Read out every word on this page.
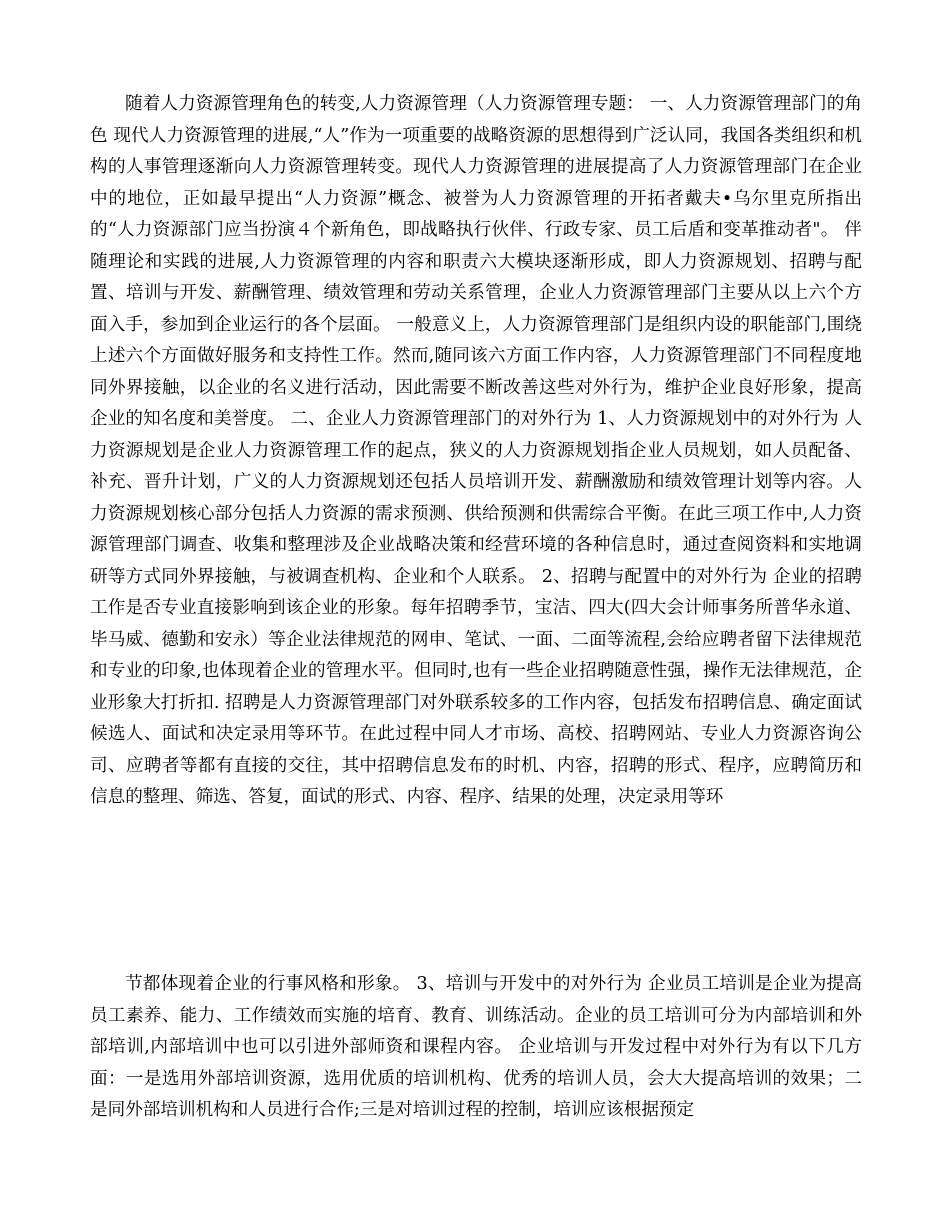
随着人力资源管理角色的转变,人力资源管理（人力资源管理专题： 一、人力资源管理部门的角色 现代人力资源管理的进展,“人”作为一项重要的战略资源的思想得到广泛认同，我国各类组织和机构的人事管理逐渐向人力资源管理转变。现代人力资源管理的进展提高了人力资源管理部门在企业中的地位，正如最早提出“人力资源”概念、被誉为人力资源管理的开拓者戴夫•乌尔里克所指出的“人力资源部门应当扮演４个新角色，即战略执行伙伴、行政专家、员工后盾和变革推动者"。 伴随理论和实践的进展,人力资源管理的内容和职责六大模块逐渐形成，即人力资源规划、招聘与配置、培训与开发、薪酬管理、绩效管理和劳动关系管理，企业人力资源管理部门主要从以上六个方面入手，参加到企业运行的各个层面。 一般意义上，人力资源管理部门是组织内设的职能部门,围绕上述六个方面做好服务和支持性工作。然而,随同该六方面工作内容，人力资源管理部门不同程度地同外界接触，以企业的名义进行活动，因此需要不断改善这些对外行为，维护企业良好形象，提高企业的知名度和美誉度。 二、企业人力资源管理部门的对外行为 1、人力资源规划中的对外行为 人力资源规划是企业人力资源管理工作的起点，狭义的人力资源规划指企业人员规划，如人员配备、补充、晋升计划，广义的人力资源规划还包括人员培训开发、薪酬激励和绩效管理计划等内容。人力资源规划核心部分包括人力资源的需求预测、供给预测和供需综合平衡。在此三项工作中,人力资源管理部门调查、收集和整理涉及企业战略决策和经营环境的各种信息时，通过查阅资料和实地调研等方式同外界接触，与被调查机构、企业和个人联系。 2、招聘与配置中的对外行为 企业的招聘工作是否专业直接影响到该企业的形象。每年招聘季节，宝洁、四大(四大会计师事务所普华永道、毕马威、德勤和安永）等企业法律规范的网申、笔试、一面、二面等流程,会给应聘者留下法律规范和专业的印象,也体现着企业的管理水平。但同时,也有一些企业招聘随意性强，操作无法律规范，企业形象大打折扣. 招聘是人力资源管理部门对外联系较多的工作内容，包括发布招聘信息、确定面试候选人、面试和决定录用等环节。在此过程中同人才市场、高校、招聘网站、专业人力资源咨询公司、应聘者等都有直接的交往，其中招聘信息发布的时机、内容，招聘的形式、程序，应聘简历和信息的整理、筛选、答复，面试的形式、内容、程序、结果的处理，决定录用等环

节都体现着企业的行事风格和形象。 3、培训与开发中的对外行为 企业员工培训是企业为提高员工素养、能力、工作绩效而实施的培育、教育、训练活动。企业的员工培训可分为内部培训和外部培训,内部培训中也可以引进外部师资和课程内容。 企业培训与开发过程中对外行为有以下几方面：一是选用外部培训资源，选用优质的培训机构、优秀的培训人员，会大大提高培训的效果；二是同外部培训机构和人员进行合作;三是对培训过程的控制，培训应该根据预定
